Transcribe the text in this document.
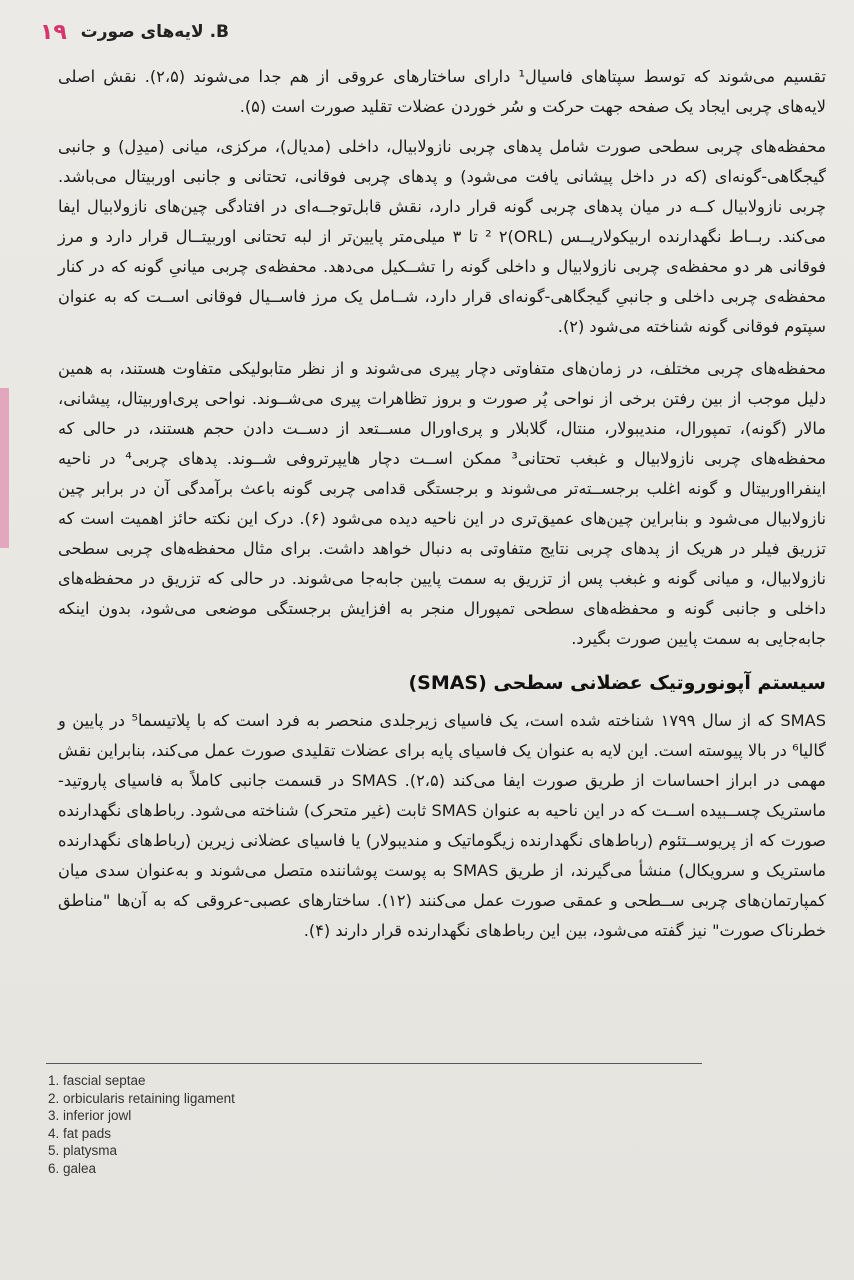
۱۹ B. لایه‌های صورت

تقسیم می‌شوند که توسط سپتاهای فاسیال¹ دارای ساختارهای عروقی از هم جدا می‌شوند (۲،۵). نقش اصلی لایه‌های چربی ایجاد یک صفحه جهت حرکت و سُر خوردن عضلات تقلید صورت است (۵).

محفظه‌های چربی سطحی صورت شامل پدهای چربی نازولابیال، داخلی (مدیال)، مرکزی، میانی (میدِل) و جانبی گیجگاهی-گونه‌ای (که در داخل پیشانی یافت می‌شود) و پدهای چربی فوقانی، تحتانی و جانبی اوربیتال می‌باشد. چربی نازولابیال کــه در میان پدهای چربی گونه قرار دارد، نقش قابل‌توجــه‌ای در افتادگی چین‌های نازولابیال ایفا می‌کند. ربــاط نگهدارنده اربیکولاریــس (ORL)² ۲ تا ۳ میلی‌متر پایین‌تر از لبه تحتانی اوربیتــال قرار دارد و مرز فوقانی هر دو محفظه‌ی چربی نازولابیال و داخلی گونه را تشــکیل می‌دهد. محفظه‌ی چربی میانیِ گونه که در کنار محفظه‌ی چربی داخلی و جانبیِ گیجگاهی-گونه‌ای قرار دارد، شــامل یک مرز فاســیال فوقانی اســت که به عنوان سپتوم فوقانی گونه شناخته می‌شود (۲).

محفظه‌های چربی مختلف، در زمان‌های متفاوتی دچار پیری می‌شوند و از نظر متابولیکی متفاوت هستند، به همین دلیل موجب از بین رفتن برخی از نواحی پُر صورت و بروز تظاهرات پیری می‌شــوند. نواحی پری‌اوربیتال، پیشانی، مالار (گونه)، تمپورال، مندیبولار، منتال، گلابلار و پری‌اورال مســتعد از دســت دادن حجم هستند، در حالی که محفظه‌های چربی نازولابیال و غبغب تحتانی³ ممکن اســت دچار هایپرتروفی شــوند. پدهای چربی⁴ در ناحیه اینفرااوربیتال و گونه اغلب برجســته‌تر می‌شوند و برجستگی قدامی چربی گونه باعث برآمدگی آن در برابر چین نازولابیال می‌شود و بنابراین چین‌های عمیق‌تری در این ناحیه دیده می‌شود (۶). درک این نکته حائز اهمیت است که تزریق فیلر در هریک از پدهای چربی نتایج متفاوتی به دنبال خواهد داشت. برای مثال محفظه‌های چربی سطحی نازولابیال، و میانی گونه و غبغب پس از تزریق به سمت پایین جابه‌جا می‌شوند. در حالی که تزریق در محفظه‌های داخلی و جانبی گونه و محفظه‌های سطحی تمپورال منجر به افزایش برجستگی موضعی می‌شود، بدون اینکه جابه‌جایی به سمت پایین صورت بگیرد.

سیستم آپونوروتیک عضلانی سطحی (SMAS)

SMAS که از سال ۱۷۹۹ شناخته شده است، یک فاسیای زیرجلدی منحصر به فرد است که با پلاتیسما⁵ در پایین و گالیا⁶ در بالا پیوسته است. این لایه به عنوان یک فاسیای پایه برای عضلات تقلیدی صورت عمل می‌کند، بنابراین نقش مهمی در ابراز احساسات از طریق صورت ایفا می‌کند (۲،۵). SMAS در قسمت جانبی کاملاً به فاسیای پاروتید-ماستریک چســبیده اســت که در این ناحیه به عنوان SMAS ثابت (غیر متحرک) شناخته می‌شود. رباط‌های نگهدارنده صورت که از پریوســتئوم (رباط‌های نگهدارنده زیگوماتیک و مندیبولار) یا فاسیای عضلانی زیرین (رباط‌های نگهدارنده ماستریک و سرویکال) منشأ می‌گیرند، از طریق SMAS به پوست پوشاننده متصل می‌شوند و به‌عنوان سدی میان کمپارتمان‌های چربی ســطحی و عمقی صورت عمل می‌کنند (۱۲). ساختارهای عصبی-عروقی که به آن‌ها "مناطق خطرناک صورت" نیز گفته می‌شود، بین این رباط‌های نگهدارنده قرار دارند (۴).

1. fascial septae
2. orbicularis retaining ligament
3. inferior jowl
4. fat pads
5. platysma
6. galea
